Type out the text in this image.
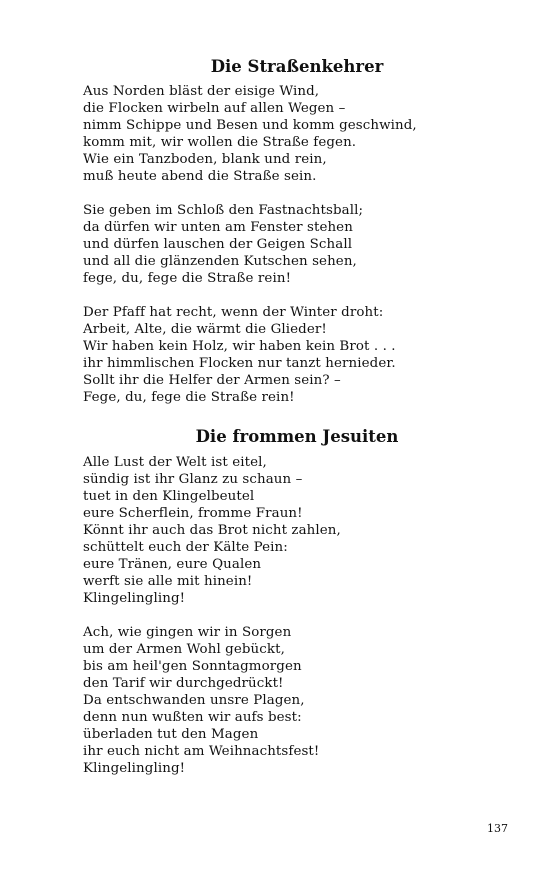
Die Straßenkehrer
Aus Norden bläst der eisige Wind,
die Flocken wirbeln auf allen Wegen –
nimm Schippe und Besen und komm geschwind,
komm mit, wir wollen die Straße fegen.
Wie ein Tanzboden, blank und rein,
muß heute abend die Straße sein.
Sie geben im Schloß den Fastnachtsball;
da dürfen wir unten am Fenster stehen
und dürfen lauschen der Geigen Schall
und all die glänzenden Kutschen sehen,
fege, du, fege die Straße rein!
Der Pfaff hat recht, wenn der Winter droht:
Arbeit, Alte, die wärmt die Glieder!
Wir haben kein Holz, wir haben kein Brot . . .
ihr himmlischen Flocken nur tanzt hernieder.
Sollt ihr die Helfer der Armen sein? –
Fege, du, fege die Straße rein!
Die frommen Jesuiten
Alle Lust der Welt ist eitel,
sündig ist ihr Glanz zu schaun –
tuet in den Klingelbeutel
eure Scherflein, fromme Fraun!
Könnt ihr auch das Brot nicht zahlen,
schüttelt euch der Kälte Pein:
eure Tränen, eure Qualen
werft sie alle mit hinein!
Klingelingling!
Ach, wie gingen wir in Sorgen
um der Armen Wohl gebückt,
bis am heil'gen Sonntagmorgen
den Tarif wir durchgedrückt!
Da entschwanden unsre Plagen,
denn nun wußten wir aufs best:
überladen tut den Magen
ihr euch nicht am Weihnachtsfest!
Klingelingling!
137
